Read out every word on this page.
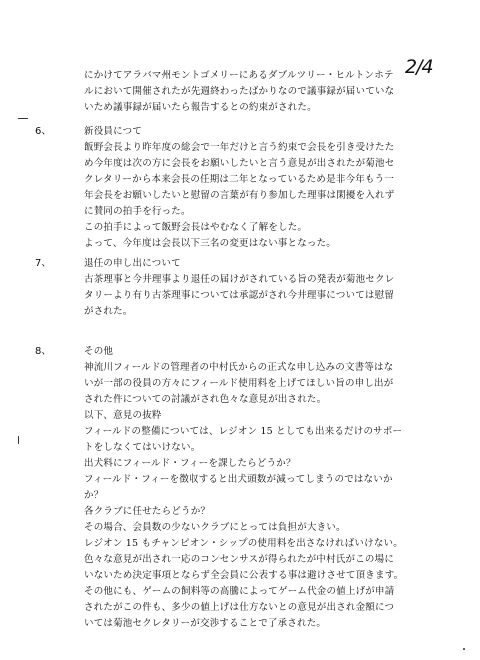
2/4
にかけてアラバマ州モントゴメリーにあるダブルツリー・ヒルトンホテ
ルにおいて開催されたが先週終わったばかりなので議事録が届いていな
いため議事録が届いたら報告するとの約束がされた。
6、	新役員につて
飯野会長より昨年度の総会で一年だけと言う約束で会長を引き受けたた
め今年度は次の方に会長をお願いしたいと言う意見が出されたが菊池セ
クレタリーから本来会長の任期は二年となっているため是非今年もう一
年会長をお願いしたいと慰留の言葉が有り参加した理事は閑擾を入れず
に賛同の拍手を行った。
この拍手によって飯野会長はやむなく了解をした。
よって、今年度は会長以下三名の変更はない事となった。
7、	退任の申し出について
古茶理事と今井理事より退任の届けがされている旨の発表が菊池セクレ
タリーより有り古茶理事については承認がされ今井理事については慰留
がされた。
8、	その他
神流川フィールドの管理者の中村氏からの正式な申し込みの文書等はな
いが一部の役員の方々にフィールド使用料を上げてほしい旨の申し出が
された件についての討議がされ色々な意見が出された。
以下、意見の抜粋
フィールドの整備については、レジオン 15 としても出来るだけのサポー
トをしなくてはいけない。
出犬料にフィールド・フィーを課したらどうか？
フィールド・フィーを徴収すると出犬頭数が減ってしまうのではないか
か？
各クラブに任せたらどうか？
その場合、会員数の少ないクラブにとっては負担が大きい。
レジオン 15 もチャンピオン・シップの使用料を出さなければいけない。
色々な意見が出され一応のコンセンサスが得られたが中村氏がこの場に
いないため決定事項とならず全会員に公表する事は避けさせて頂きます。
その他にも、ゲームの飼料等の高騰によってゲーム代金の値上げが申請
されたがこの件も、多少の値上げは仕方ないとの意見が出され金額につ
いては菊池セクレタリーが交渉することで了承された。
